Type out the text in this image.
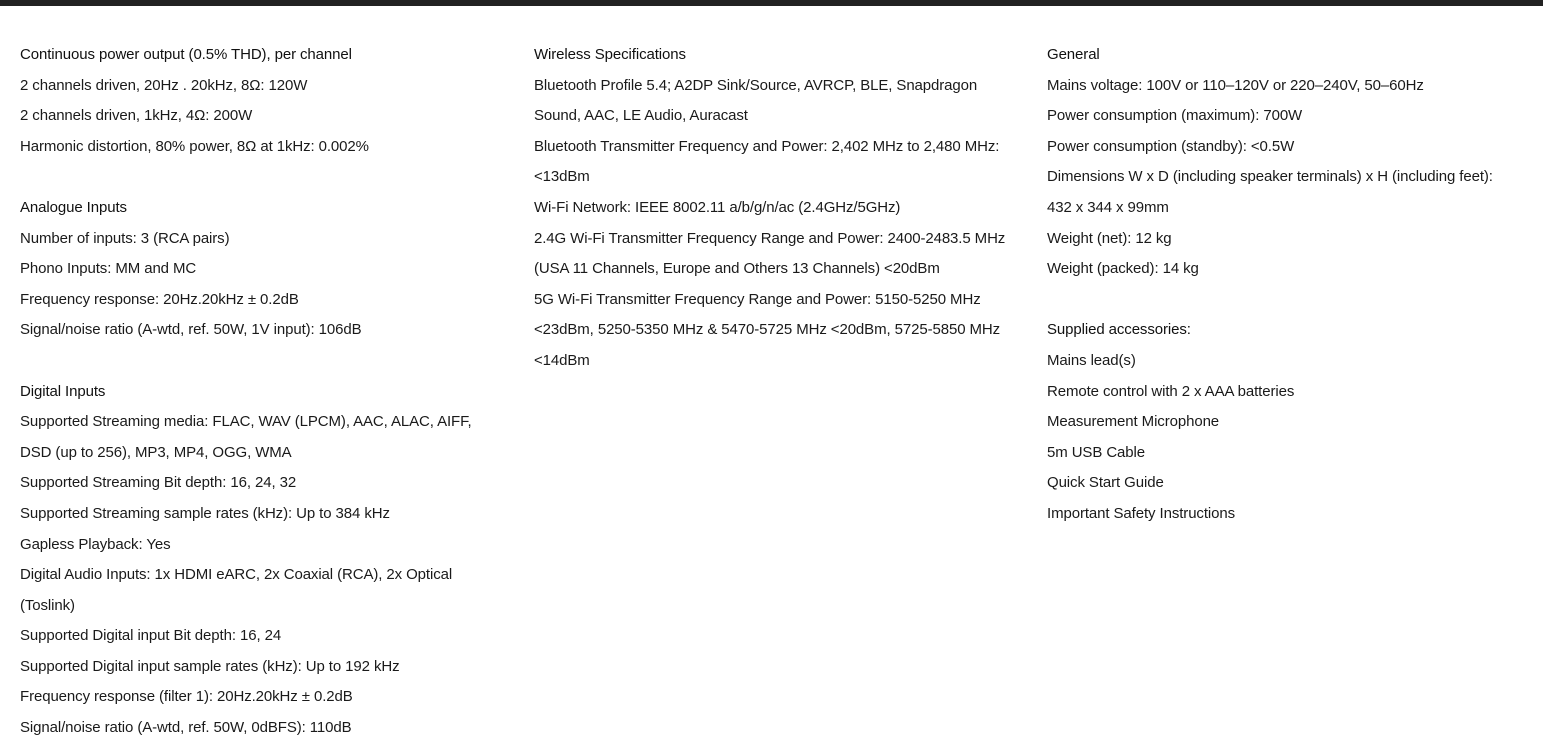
Continuous power output (0.5% THD), per channel
2 channels driven, 20Hz . 20kHz, 8Ω: 120W
2 channels driven, 1kHz, 4Ω: 200W
Harmonic distortion, 80% power, 8Ω at 1kHz: 0.002%
Analogue Inputs
Number of inputs: 3 (RCA pairs)
Phono Inputs: MM and MC
Frequency response: 20Hz.20kHz ± 0.2dB
Signal/noise ratio (A-wtd, ref. 50W, 1V input): 106dB
Digital Inputs
Supported Streaming media: FLAC, WAV (LPCM), AAC, ALAC, AIFF, DSD (up to 256), MP3, MP4, OGG, WMA
Supported Streaming Bit depth: 16, 24, 32
Supported Streaming sample rates (kHz): Up to 384 kHz
Gapless Playback: Yes
Digital Audio Inputs: 1x HDMI eARC, 2x Coaxial (RCA), 2x Optical (Toslink)
Supported Digital input Bit depth: 16, 24
Supported Digital input sample rates (kHz): Up to 192 kHz
Frequency response (filter 1): 20Hz.20kHz ± 0.2dB
Signal/noise ratio (A-wtd, ref. 50W, 0dBFS): 110dB
Wireless Specifications
Bluetooth Profile 5.4; A2DP Sink/Source, AVRCP, BLE, Snapdragon Sound, AAC, LE Audio, Auracast
Bluetooth Transmitter Frequency and Power: 2,402 MHz to 2,480 MHz: <13dBm
Wi-Fi Network: IEEE 8002.11 a/b/g/n/ac (2.4GHz/5GHz)
2.4G Wi-Fi Transmitter Frequency Range and Power: 2400-2483.5 MHz (USA 11 Channels, Europe and Others 13 Channels) <20dBm
5G Wi-Fi Transmitter Frequency Range and Power: 5150-5250 MHz <23dBm, 5250-5350 MHz & 5470-5725 MHz <20dBm, 5725-5850 MHz <14dBm
General
Mains voltage: 100V or 110–120V or 220–240V, 50–60Hz
Power consumption (maximum): 700W
Power consumption (standby): <0.5W
Dimensions W x D (including speaker terminals) x H (including feet):
432 x 344 x 99mm
Weight (net): 12 kg
Weight (packed): 14 kg
Supplied accessories:
Mains lead(s)
Remote control with 2 x AAA batteries
Measurement Microphone
5m USB Cable
Quick Start Guide
Important Safety Instructions
